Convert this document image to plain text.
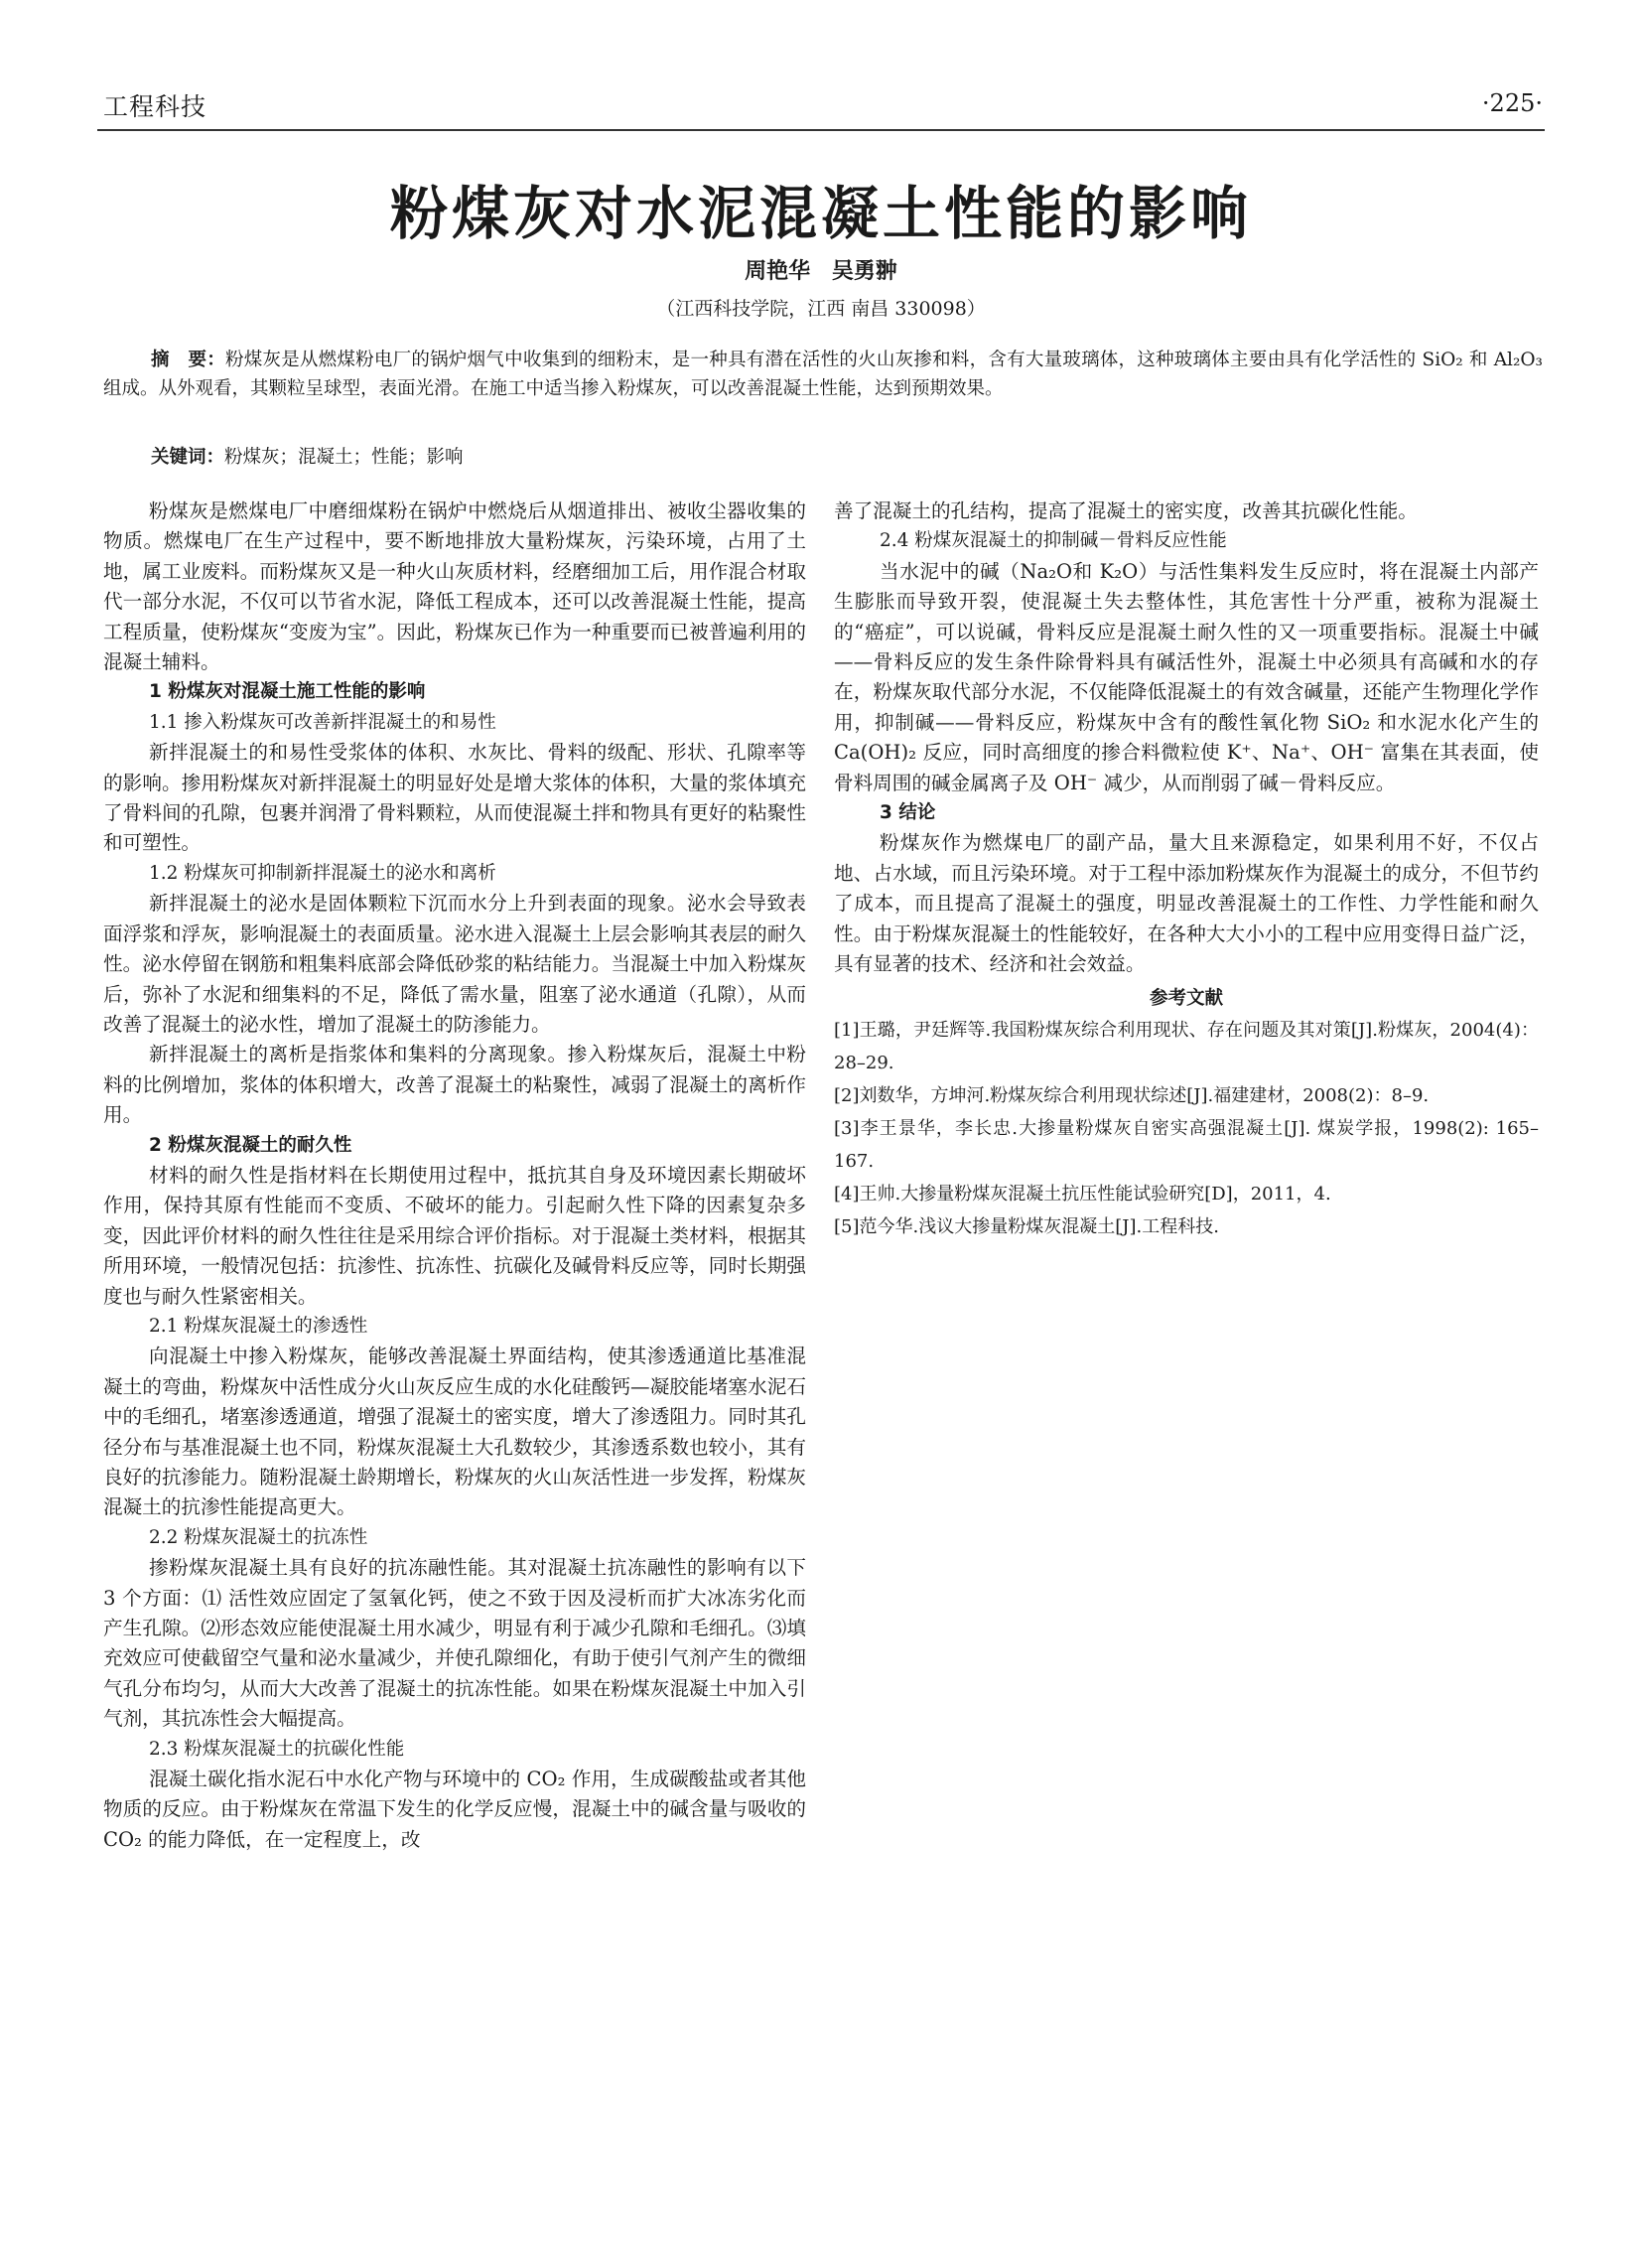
工程科技	·225·
粉煤灰对水泥混凝土性能的影响
周艳华 吴勇翀
（江西科技学院，江西 南昌 330098）
摘　要：粉煤灰是从燃煤粉电厂的锅炉烟气中收集到的细粉末，是一种具有潜在活性的火山灰掺和料，含有大量玻璃体，这种玻璃体主要由具有化学活性的 SiO₂ 和 Al₂O₃ 组成。从外观看，其颗粒呈球型，表面光滑。在施工中适当掺入粉煤灰，可以改善混凝土性能，达到预期效果。
关键词：粉煤灰；混凝土；性能；影响

粉煤灰是燃煤电厂中磨细煤粉在锅炉中燃烧后从烟道排出、被收尘器收集的物质。燃煤电厂在生产过程中，要不断地排放大量粉煤灰，污染环境，占用了土地，属工业废料。而粉煤灰又是一种火山灰质材料，经磨细加工后，用作混合材取代一部分水泥，不仅可以节省水泥，降低工程成本，还可以改善混凝土性能，提高工程质量，使粉煤灰“变废为宝”。因此，粉煤灰已作为一种重要而已被普遍利用的混凝土辅料。

1 粉煤灰对混凝土施工性能的影响
1.1 掺入粉煤灰可改善新拌混凝土的和易性

新拌混凝土的和易性受浆体的体积、水灰比、骨料的级配、形状、孔隙率等的影响。掺用粉煤灰对新拌混凝土的明显好处是增大浆体的体积，大量的浆体填充了骨料间的孔隙，包裹并润滑了骨料颗粒，从而使混凝土拌和物具有更好的粘聚性和可塑性。

1.2 粉煤灰可抑制新拌混凝土的泌水和离析

新拌混凝土的泌水是固体颗粒下沉而水分上升到表面的现象。泌水会导致表面浮浆和浮灰，影响混凝土的表面质量。泌水进入混凝土上层会影响其表层的耐久性。泌水停留在钢筋和粗集料底部会降低砂浆的粘结能力。当混凝土中加入粉煤灰后，弥补了水泥和细集料的不足，降低了需水量，阻塞了泌水通道（孔隙），从而改善了混凝土的泌水性，增加了混凝土的防渗能力。

新拌混凝土的离析是指浆体和集料的分离现象。掺入粉煤灰后，混凝土中粉料的比例增加，浆体的体积增大，改善了混凝土的粘聚性，减弱了混凝土的离析作用。

2 粉煤灰混凝土的耐久性

材料的耐久性是指材料在长期使用过程中，抵抗其自身及环境因素长期破坏作用，保持其原有性能而不变质、不破坏的能力。引起耐久性下降的因素复杂多变，因此评价材料的耐久性往往是采用综合评价指标。对于混凝土类材料，根据其所用环境，一般情况包括：抗渗性、抗冻性、抗碳化及碱骨料反应等，同时长期强度也与耐久性紧密相关。

2.1 粉煤灰混凝土的渗透性

向混凝土中掺入粉煤灰，能够改善混凝土界面结构，使其渗透通道比基准混凝土的弯曲，粉煤灰中活性成分火山灰反应生成的水化硅酸钙—凝胶能堵塞水泥石中的毛细孔，堵塞渗透通道，增强了混凝土的密实度，增大了渗透阻力。同时其孔径分布与基准混凝土也不同，粉煤灰混凝土大孔数较少，其渗透系数也较小，其有良好的抗渗能力。随粉混凝土龄期增长，粉煤灰的火山灰活性进一步发挥，粉煤灰混凝土的抗渗性能提高更大。

2.2 粉煤灰混凝土的抗冻性

掺粉煤灰混凝土具有良好的抗冻融性能。其对混凝土抗冻融性的影响有以下 3 个方面：⑴ 活性效应固定了氢氧化钙，使之不致于因及浸析而扩大冰冻劣化而产生孔隙。⑵形态效应能使混凝土用水减少，明显有利于减少孔隙和毛细孔。⑶填充效应可使截留空气量和泌水量减少，并使孔隙细化，有助于使引气剂产生的微细气孔分布均匀，从而大大改善了混凝土的抗冻性能。如果在粉煤灰混凝土中加入引气剂，其抗冻性会大幅提高。

2.3 粉煤灰混凝土的抗碳化性能

混凝土碳化指水泥石中水化产物与环境中的 CO₂ 作用，生成碳酸盐或者其他物质的反应。由于粉煤灰在常温下发生的化学反应慢，混凝土中的碱含量与吸收的 CO₂ 的能力降低，在一定程度上，改

善了混凝土的孔结构，提高了混凝土的密实度，改善其抗碳化性能。

2.4 粉煤灰混凝土的抑制碱－骨料反应性能

当水泥中的碱（Na₂O和 K₂O）与活性集料发生反应时，将在混凝土内部产生膨胀而导致开裂，使混凝土失去整体性，其危害性十分严重，被称为混凝土的“癌症”，可以说碱，骨料反应是混凝土耐久性的又一项重要指标。混凝土中碱——骨料反应的发生条件除骨料具有碱活性外，混凝土中必须具有高碱和水的存在，粉煤灰取代部分水泥，不仅能降低混凝土的有效含碱量，还能产生物理化学作用，抑制碱——骨料反应，粉煤灰中含有的酸性氧化物 SiO₂ 和水泥水化产生的 Ca(OH)₂ 反应，同时高细度的掺合料微粒使 K⁺、Na⁺、OH⁻ 富集在其表面，使骨料周围的碱金属离子及 OH⁻ 减少，从而削弱了碱－骨料反应。

3 结论

粉煤灰作为燃煤电厂的副产品，量大且来源稳定，如果利用不好，不仅占地、占水域，而且污染环境。对于工程中添加粉煤灰作为混凝土的成分，不但节约了成本，而且提高了混凝土的强度，明显改善混凝土的工作性、力学性能和耐久性。由于粉煤灰混凝土的性能较好，在各种大大小小的工程中应用变得日益广泛，具有显著的技术、经济和社会效益。

参考文献

[1]王璐，尹廷辉等.我国粉煤灰综合利用现状、存在问题及其对策[J].粉煤灰，2004(4)：28–29.

[2]刘数华，方坤河.粉煤灰综合利用现状综述[J].福建建材，2008(2)：8–9.

[3]李王景华，李长忠.大掺量粉煤灰自密实高强混凝土[J]. 煤炭学报，1998(2): 165–167.

[4]王帅.大掺量粉煤灰混凝土抗压性能试验研究[D]，2011，4.

[5]范今华.浅议大掺量粉煤灰混凝土[J].工程科技.
